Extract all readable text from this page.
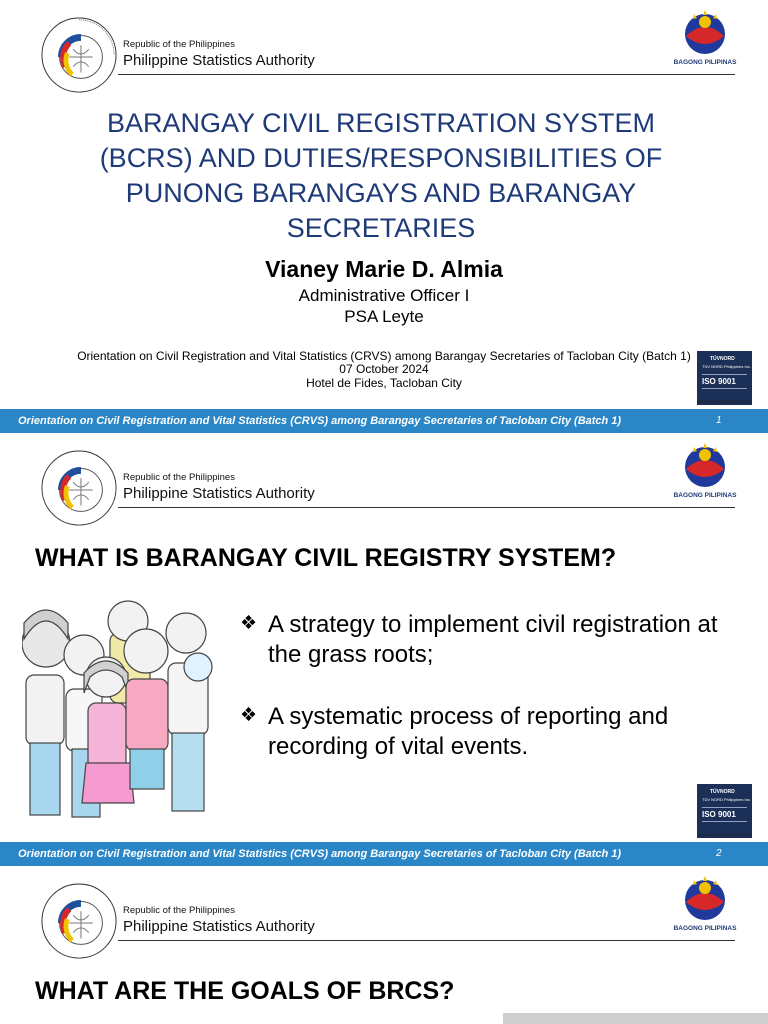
Republic of the Philippines
Philippine Statistics Authority	BAGONG PILIPINAS
BARANGAY CIVIL REGISTRATION SYSTEM
(BCRS) AND DUTIES/RESPONSIBILITIES OF
PUNONG BARANGAYS AND BARANGAY
SECRETARIES
Vianey Marie D. Almia
Administrative Officer I
PSA Leyte
Orientation on Civil Registration and Vital Statistics (CRVS) among Barangay Secretaries of Tacloban City (Batch 1)
07 October 2024
Hotel de Fides, Tacloban City
TÜVNORD
TÜV NORD Philippines Inc.
ISO 9001
Certified by PHP 2045 2019 00 013
Orientation on Civil Registration and Vital Statistics (CRVS) among Barangay Secretaries of Tacloban City (Batch 1)	1
Republic of the Philippines
Philippine Statistics Authority	BAGONG PILIPINAS
WHAT IS BARANGAY CIVIL REGISTRY SYSTEM?
❖ A strategy to implement civil registration at the grass roots;
❖ A systematic process of reporting and recording of vital events.
TÜVNORD
TÜV NORD Philippines Inc.
ISO 9001
Certified by PHP 2045 2019 00 013
Orientation on Civil Registration and Vital Statistics (CRVS) among Barangay Secretaries of Tacloban City (Batch 1)	2
Republic of the Philippines
Philippine Statistics Authority	BAGONG PILIPINAS
WHAT ARE THE GOALS OF BRCS?
